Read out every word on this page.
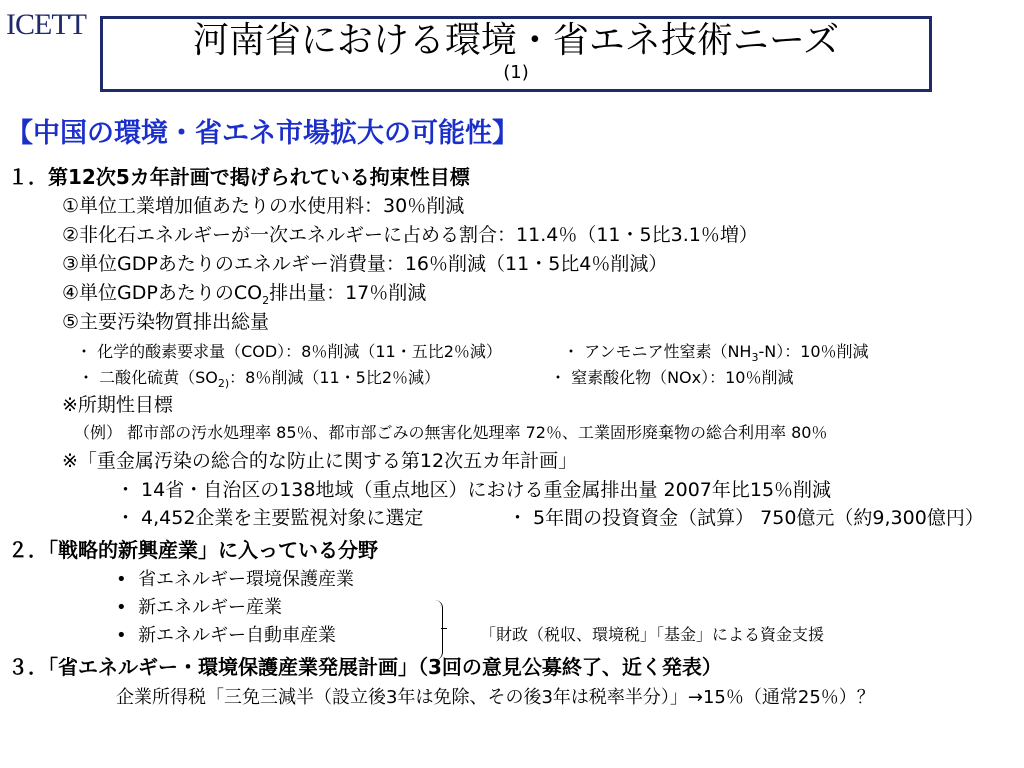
ICETT	河南省における環境・省エネ技術ニーズ
(1)
【中国の環境・省エネ市場拡大の可能性】
１．第12次5カ年計画で掲げられている拘束性目標
①単位工業増加値あたりの水使用料：30％削減
②非化石エネルギーが一次エネルギーに占める割合：11.4％（11・5比3.1％増）
③単位GDPあたりのエネルギー消費量：16％削減（11・5比4％削減）
④単位GDPあたりの$CO_2$排出量：17％削減
⑤主要汚染物質排出総量
・ 化学的酸素要求量（COD）：8％削減（11・五比2％減）	・ アンモニア性窒素$(NH_3-N)$：10％削減
・ 二酸化硫黄（$SO_{2)}$：8％削減（11・5比2％減）	・ 窒素酸化物（NOx）：10％削減
※所期性目標
（例） 都市部の汚水処理率 85％、都市部ごみの無害化処理率 72％、工業固形廃棄物の総合利用率 80％
※「重金属汚染の総合的な防止に関する第12次五カ年計画」
・ 14省・自治区の138地域（重点地区）における重金属排出量 2007年比15％削減
・ 4,452企業を主要監視対象に選定	・ 5年間の投資資金（試算） 750億元（約9,300億円）
２．「戦略的新興産業」に入っている分野
•  省エネルギー環境保護産業
•  新エネルギー産業
•  新エネルギー自動車産業	「財政（税収、環境税」「基金」による資金支援
３．「省エネルギー・環境保護産業発展計画」（3回の意見公募終了、近く発表）
企業所得税「三免三減半（設立後3年は免除、その後3年は税率半分）」→15％（通常25％）？
